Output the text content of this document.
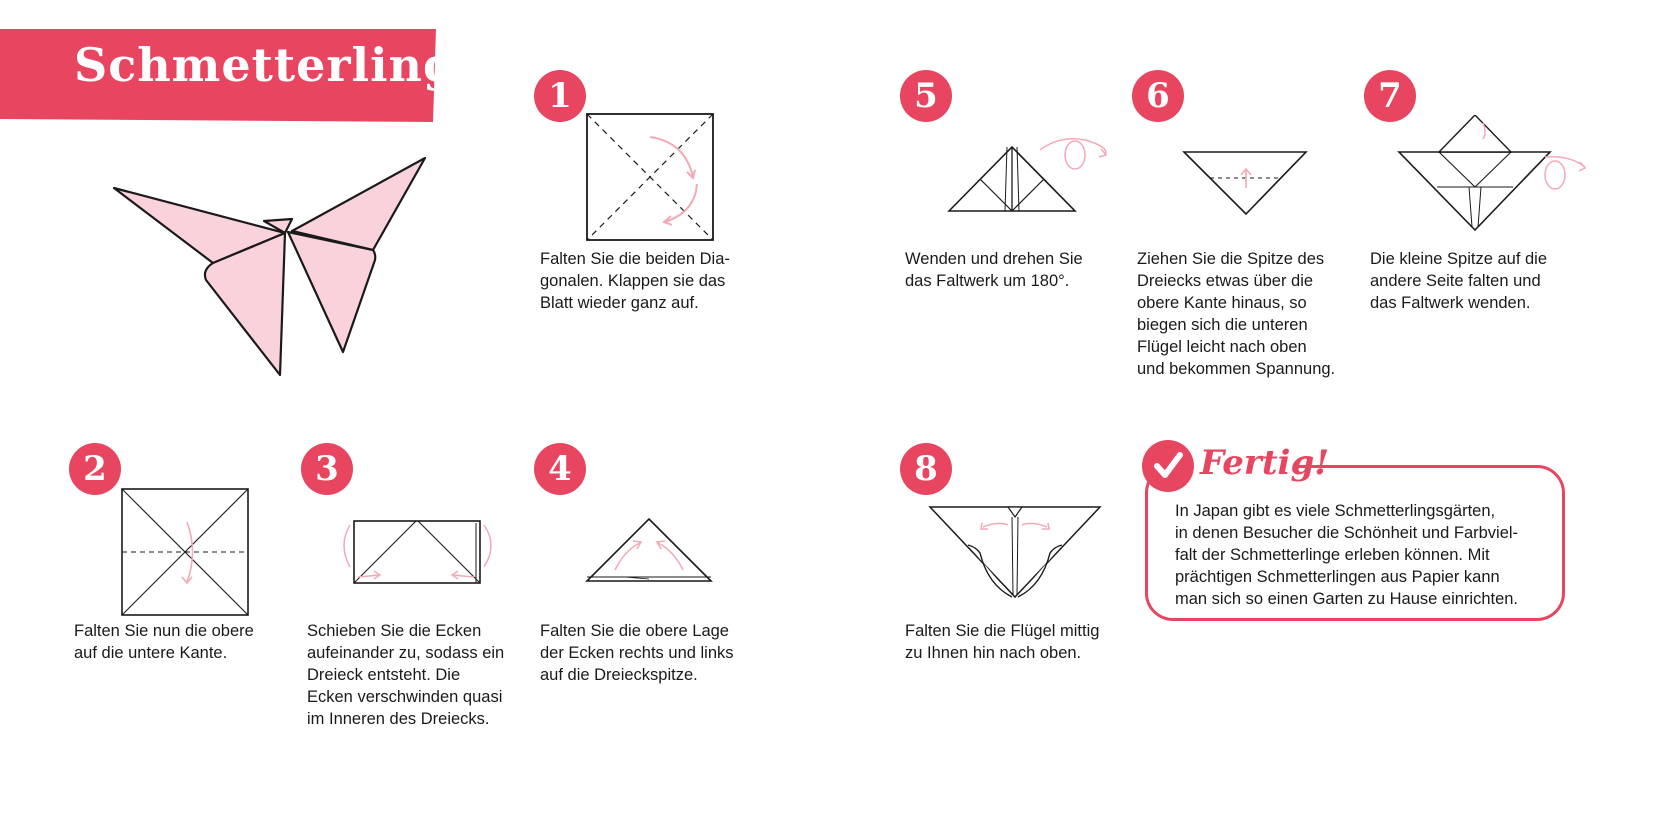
Schmetterling
1
Falten Sie die beiden Dia-
gonalen. Klappen sie das
Blatt wieder ganz auf.
5
Wenden und drehen Sie
das Faltwerk um 180°.
6
Ziehen Sie die Spitze des
Dreiecks etwas über die
obere Kante hinaus, so
biegen sich die unteren
Flügel leicht nach oben
und bekommen Spannung.
7
Die kleine Spitze auf die
andere Seite falten und
das Faltwerk wenden.
2
Falten Sie nun die obere
auf die untere Kante.
3
Schieben Sie die Ecken
aufeinander zu, sodass ein
Dreieck entsteht. Die
Ecken verschwinden quasi
im Inneren des Dreiecks.
4
Falten Sie die obere Lage
der Ecken rechts und links
auf die Dreieckspitze.
8
Falten Sie die Flügel mittig
zu Ihnen hin nach oben.
Fertig!
In Japan gibt es viele Schmetterlingsgärten,
in denen Besucher die Schönheit und Farbviel-
falt der Schmetterlinge erleben können. Mit
prächtigen Schmetterlingen aus Papier kann
man sich so einen Garten zu Hause einrichten.
